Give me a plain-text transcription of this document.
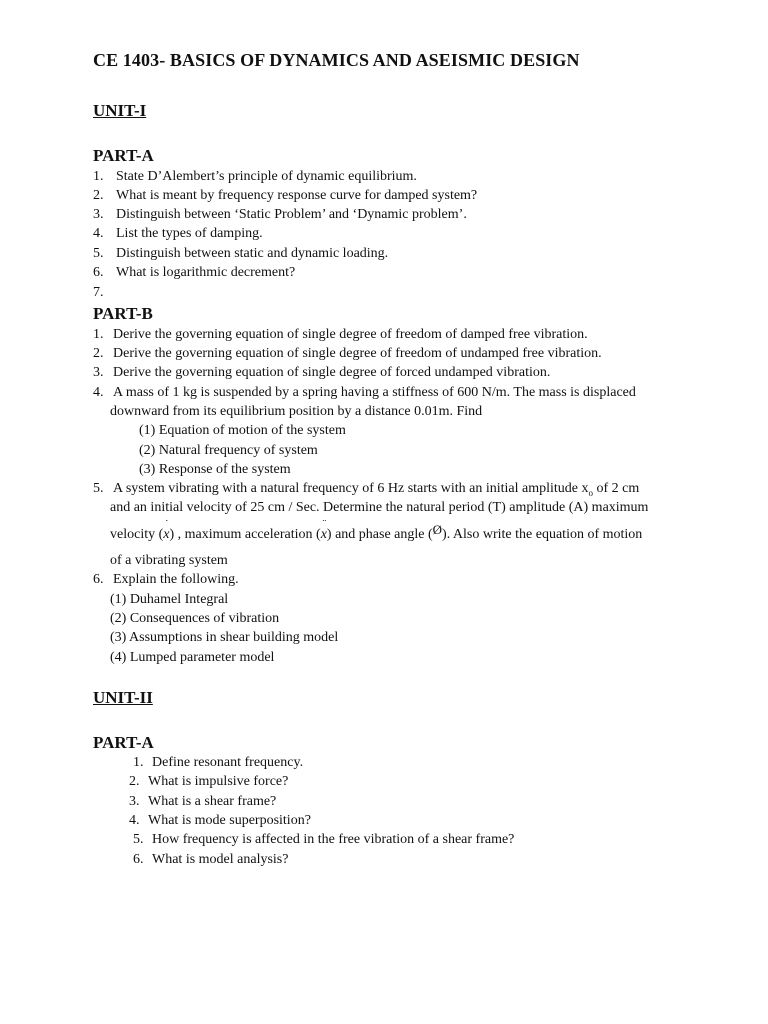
CE 1403- BASICS OF DYNAMICS AND ASEISMIC DESIGN
UNIT-I
PART-A
1. State D’Alembert’s principle of dynamic equilibrium.
2. What is meant by frequency response curve for damped system?
3. Distinguish between ‘Static Problem’ and ‘Dynamic problem’.
4. List the types of damping.
5. Distinguish between static and dynamic loading.
6. What is logarithmic decrement?
7.
PART-B
1. Derive the governing equation of single degree of freedom of damped free vibration.
2. Derive the governing equation of single degree of freedom of undamped free vibration.
3. Derive the governing equation of single degree of forced undamped vibration.
4. A mass of 1 kg is suspended by a spring having a stiffness of 600 N/m. The mass is displaced
downward from its equilibrium position by a distance 0.01m. Find
(1) Equation of motion of the system
(2) Natural frequency of system
(3) Response of the system
5. A system vibrating with a natural frequency of 6 Hz starts with an initial amplitude $x_o$ of 2 cm
and an initial velocity of 25 cm / Sec. Determine the natural period (T) amplitude (A) maximum
velocity (
˙
x) , maximum acceleration (
¨
x) and phase angle (Ø). Also write the equation of motion
of a vibrating system
6. Explain the following.
(1) Duhamel Integral
(2) Consequences of vibration
(3) Assumptions in shear building model
(4) Lumped parameter model
UNIT-II
PART-A
1. Define resonant frequency.
2. What is impulsive force?
3. What is a shear frame?
4. What is mode superposition?
5. How frequency is affected in the free vibration of a shear frame?
6. What is model analysis?
